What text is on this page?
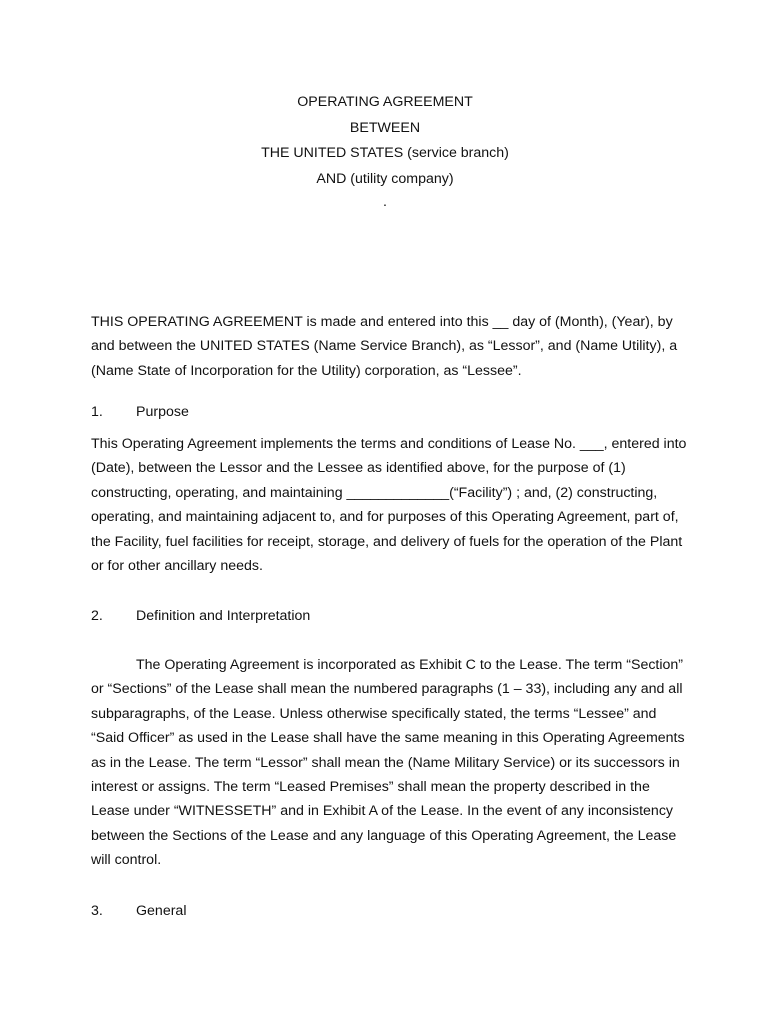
OPERATING AGREEMENT
BETWEEN
THE UNITED STATES (service branch)
AND (utility company)
.
THIS OPERATING AGREEMENT is made and entered into this __ day of (Month), (Year), by
and between the UNITED STATES (Name Service Branch), as “Lessor”, and (Name Utility), a
(Name State of Incorporation for the Utility) corporation, as “Lessee”.
1. Purpose
This Operating Agreement implements the terms and conditions of Lease No. ___, entered into
(Date), between the Lessor and the Lessee as identified above, for the purpose of (1)
constructing, operating, and maintaining _____________(“Facility”) ; and, (2) constructing,
operating, and maintaining adjacent to, and for purposes of this Operating Agreement, part of,
the Facility, fuel facilities for receipt, storage, and delivery of fuels for the operation of the Plant
or for other ancillary needs.
2. Definition and Interpretation
The Operating Agreement is incorporated as Exhibit C to the Lease. The term “Section”
or “Sections” of the Lease shall mean the numbered paragraphs (1 – 33), including any and all
subparagraphs, of the Lease. Unless otherwise specifically stated, the terms “Lessee” and
“Said Officer” as used in the Lease shall have the same meaning in this Operating Agreements
as in the Lease. The term “Lessor” shall mean the (Name Military Service) or its successors in
interest or assigns. The term “Leased Premises” shall mean the property described in the
Lease under “WITNESSETH” and in Exhibit A of the Lease. In the event of any inconsistency
between the Sections of the Lease and any language of this Operating Agreement, the Lease
will control.
3. General
